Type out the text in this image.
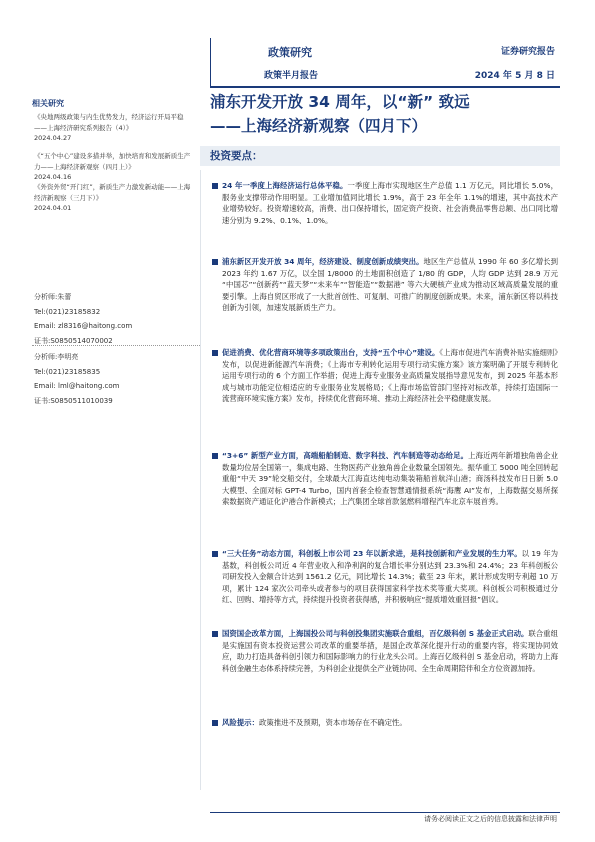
政策研究
政策半月报告
证券研究报告
2024 年 5 月 8 日
浦东开发开放 34 周年，以“新” 致远
——上海经济新观察（四月下）
投资要点：
相关研究
《央地两级政策与内生优势发力，经济运行开局平稳——上海经济研究系列报告（4）》
2024.04.27
《“五个中心”建设多措并举，加快培育和发展新质生产力——上海经济新观察（四月上）》
2024.04.16
《外资外贸“开门红”，新质生产力激发新动能——上海经济新观察（三月下）》
2024.04.01
分析师:朱蕾
Tel:(021)23185832
Email: zl8316@haitong.com
证书:S0850514070002
分析师:李明亮
Tel:(021)23185835
Email: lml@haitong.com
证书:S0850511010039
24 年一季度上海经济运行总体平稳。一季度上海市实现地区生产总值 1.1 万亿元，同比增长 5.0%，服务业支撑带动作用明显。工业增加值同比增长 1.9%，高于 23 年全年 1.1%的增速，其中高技术产业增势较好。投资增速较高，消费、出口保持增长，固定资产投资、社会消费品零售总额、出口同比增速分别为 9.2%、0.1%、1.0%。
浦东新区开发开放 34 周年，经济建设、制度创新成绩突出。地区生产总值从 1990 年 60 多亿增长到 2023 年约 1.67 万亿，以全国 1/8000 的土地面积创造了 1/80 的 GDP，人均 GDP 达到 28.9 万元 “中国芯”“创新药”“蓝天梦”“未来车”“智能造”“数据港” 等六大硬核产业成为推动区域高质量发展的重要引擎。上海自贸区形成了一大批首创性、可复制、可推广的制度创新成果。未来，浦东新区将以科技创新为引领，加速发展新质生产力。
促进消费、优化营商环境等多项政策出台，支持“五个中心”建设。《上海市促进汽车消费补贴实施细则》发布，以促进新能源汽车消费；《上海市专利转化运用专项行动实施方案》该方案明确了开展专利转化运用专项行动的 6 个方面工作举措；促进上海专业服务业高质量发展指导意见发布，到 2025 年基本形成与城市功能定位相适应的专业服务业发展格局；《上海市场监管部门坚持对标改革，持续打造国际一流营商环境实施方案》发布，持续优化营商环境、推动上海经济社会平稳健康发展。
“3+6” 新型产业方面，高端船舶制造、数字科技、汽车制造等动态给足。上海近两年新增独角兽企业数量均位居全国第一，集成电路、生物医药产业独角兽企业数量全国领先。振华重工 5000 吨全回转起重船“中天 39”轮交船交付，全球最大江海直达纯电动集装箱船首航洋山港；商汤科技发布日日新 5.0 大模型、全面对标 GPT-4 Turbo，国内首套全检查智慧通情报系统“海鹰 AI”发布，上海数据交易所探索数据资产通证化沪港合作新模式；上汽集团全球首款氢燃料增程汽车北京车展首秀。
“三大任务”动态方面，科创板上市公司 23 年以新求进，是科技创新和产业发展的生力军。以 19 年为基数，科创板公司近 4 年营业收入和净利润的复合增长率分别达到 23.3%和 24.4%；23 年科创板公司研发投入金额合计达到 1561.2 亿元，同比增长 14.3%；截至 23 年末，累计形成发明专利超 10 万项，累计 124 家次公司牵头或者参与的项目获得国家科学技术奖等重大奖项。科创板公司积极通过分红、回购、增持等方式，持续提升投资者获得感，并积极响应“提质增效重回报”倡议。
国资国企改革方面，上海国投公司与科创投集团实施联合重组，百亿级科创 S 基金正式启动。联合重组是实施国有资本投资运营公司改革的重要举措，是国企改革深化提升行动的重要内容，将实现协同效应，助力打造具备科创引领力和国际影响力的行业龙头公司。上海百亿级科创 S 基金启动，将助力上海科创金融生态体系持续完善，为科创企业提供全产业链协同、全生命周期陪伴和全方位资源加持。
风险提示：政策推进不及预期，资本市场存在不确定性。
请务必阅读正文之后的信息披露和法律声明
